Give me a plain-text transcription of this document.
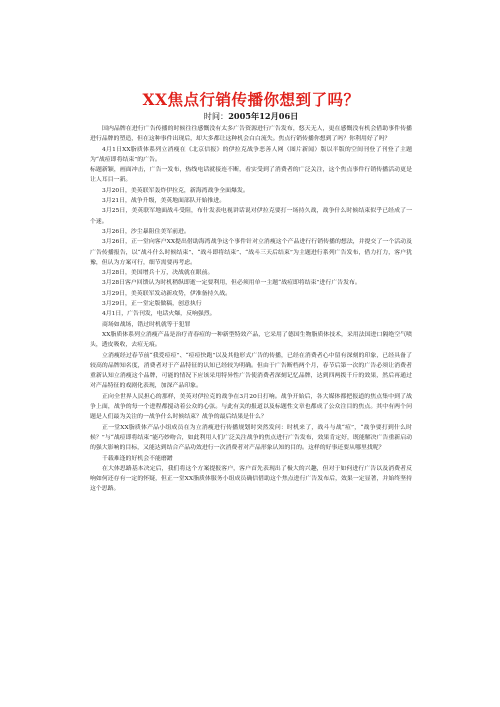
XX焦点行销传播你想到了吗？
时间：2005年12月06日

国内品牌在进行广告传播的时候往往感慨没有太多广告资源进行广告发布，悠天无人，更在感慨没有机会借助事件传播进行品牌的塑造，但在这种事件出现后，却大多都让这种机会白白流失。焦点行销传播你想到了吗？你利用好了吗？

4月1日XX脂质体系列立消瘦在《北京信报》的伊拉克战争恶善人网（图片新闻）版以半版的空间刊登了刊登了主题为“战痘即将结束”的广告。

标题新颖，画面冲击，广告一发布，热线电话就接连不断，看实受到了消费者的广泛关注，这个焦点事件行销传播活动更是让人耳目一新。

3月20日，美英联军轰炸伊拉克，新海湾战争全面爆发。

3月21日，战争升级，美英地面部队开始推进。

3月25日，美英联军地面战斗受阻，布什发表电视讲话说对伊拉克要打一场持久战，战争什么时候结束似乎已经成了一个迷。

3月26日，沙尘暴阻住美军前进。

3月26日，正一堂向客户XX提出借助海湾战争这个事件针对立消瘦这个产品进行行销传播的想法，并提交了一个活动及广告传播报告，以“战斗什么时候结束”、“战斗即将结束”、“战斗三天后结束”为主题进行系列广告发布，借力打力，客户犹豫，但认为方案可行，细节需要再考虑。

3月28日，美国增兵十万，决战就在眼前。

3月28日客户回馈认为时机稍纵即逝一定要利用，但必须用单一主题“战痘即将结束”进行广告发布。

3月29日，美英联军发动新攻势，伊准备持久战。

3月29日，正一堂定版做稿，创意执行

4月1日，广告刊发，电话火爆，反响强烈。

商场如战场，错过时机就等于犯罪

XX脂质体系列立消瘦产品是治疗青春痘的一种新型特效产品，它采用了德国生物脂质体技术，采用法国进口隔绝空气喷头，透皮吸收，去痘无痕。

立消瘦经过春节前“我爱痘痘”、“痘痘快跑”以及其他形式广告的传播，已经在消费者心中留有深刻的印象，已经具备了较高的品牌知名度，消费者对于产品特征的认知已经较为明确。但由于广告断档两个月，春节后第一次的广告必须让消费者重新认知立消瘦这个品牌，可能的情况下应该采用特异性广告使消费者深刻记忆品牌，达到四两拨千斤的效果，然后再通过对产品特征的戏剧化表现，加深产品印象。

正向全世界人民担心的那样，美英对伊拉克的战争在3月20日打响。战争开始后，各大媒体都把报道的焦点集中到了战争上面，战争的每一个进程都搅动着公众的心弦。与此有关的报道以及标题性文章也都成了公众注目的焦点。其中有两个问题是人们最为关注的一战争什么时候结束？战争的最后结果是什么？

正一堂XX脂质体产品小组成员在为立消瘦进行传播规划时突然发问：时机来了，战斗与战“痘”，“战争要打到什么时候？”与“战痘即将结束”能巧妙吻合，如此利用人们广泛关注战争的焦点进行广告发布，效果肯定好，既能解决广告重新启动的强大影响的目标，又能达到结合产品功效进行一次消费者对产品形象认知的目的。这样的好事还要从哪里找呢？

千载难逢的好机会不能磨蹭

在大体思路基本决定后，我们将这个方案提报客户，客户首先表现出了极大的兴趣，但对于如何进行广告以及消费者反响如何还存有一定的怀疑，但正一堂XX脂质体服务小组成员确信借助这个焦点进行广告发布后，效果一定显著，并始终坚持这个思路。
